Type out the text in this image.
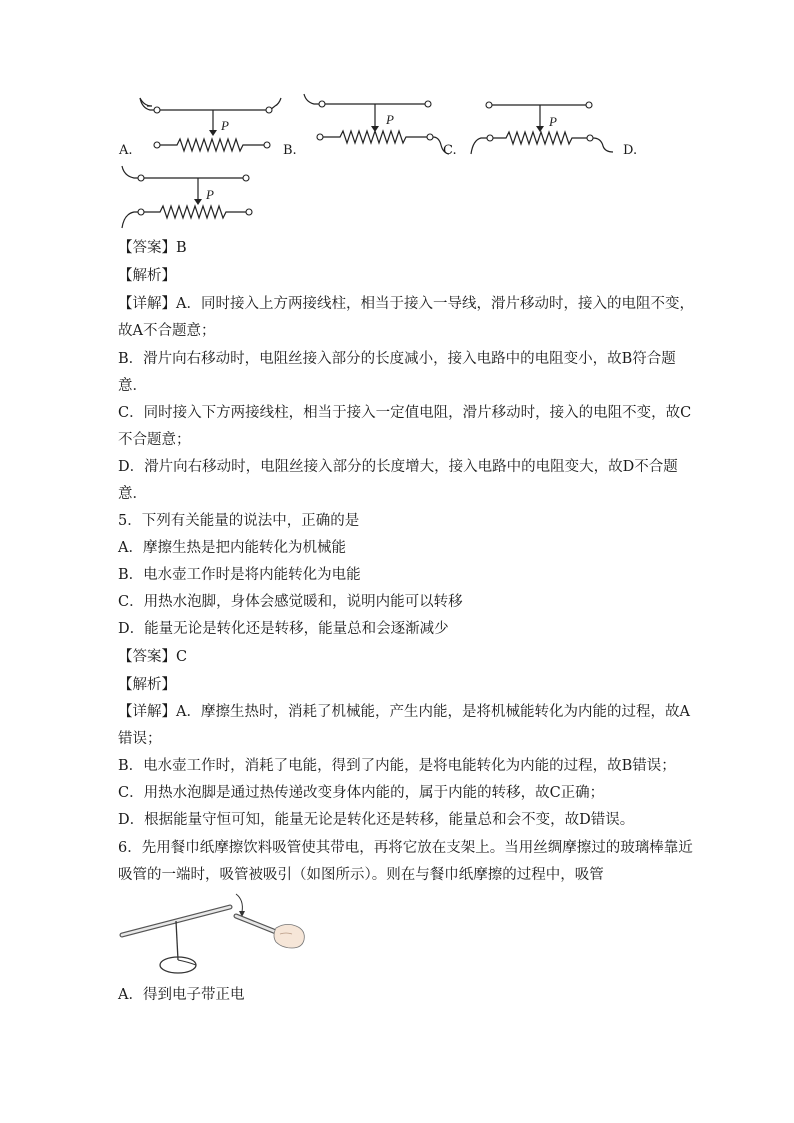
P
A.
P
B.
P
C.	D.
P
【答案】B
【解析】
【详解】A．同时接入上方两接线柱，相当于接入一导线，滑片移动时，接入的电阻不变，
故A不合题意；
B．滑片向右移动时，电阻丝接入部分的长度减小，接入电路中的电阻变小，故B符合题
意．
C．同时接入下方两接线柱，相当于接入一定值电阻，滑片移动时，接入的电阻不变，故C
不合题意；
D．滑片向右移动时，电阻丝接入部分的长度增大，接入电路中的电阻变大，故D不合题
意．
5．下列有关能量的说法中，正确的是
A．摩擦生热是把内能转化为机械能
B．电水壶工作时是将内能转化为电能
C．用热水泡脚，身体会感觉暖和，说明内能可以转移
D．能量无论是转化还是转移，能量总和会逐渐减少
【答案】C
【解析】
【详解】A．摩擦生热时，消耗了机械能，产生内能，是将机械能转化为内能的过程，故A
错误；
B．电水壶工作时，消耗了电能，得到了内能，是将电能转化为内能的过程，故B错误；
C．用热水泡脚是通过热传递改变身体内能的，属于内能的转移，故C正确；
D．根据能量守恒可知，能量无论是转化还是转移，能量总和会不变，故D错误。
6．先用餐巾纸摩擦饮料吸管使其带电，再将它放在支架上。当用丝绸摩擦过的玻璃棒靠近
吸管的一端时，吸管被吸引（如图所示）。则在与餐巾纸摩擦的过程中，吸管
A．得到电子带正电
